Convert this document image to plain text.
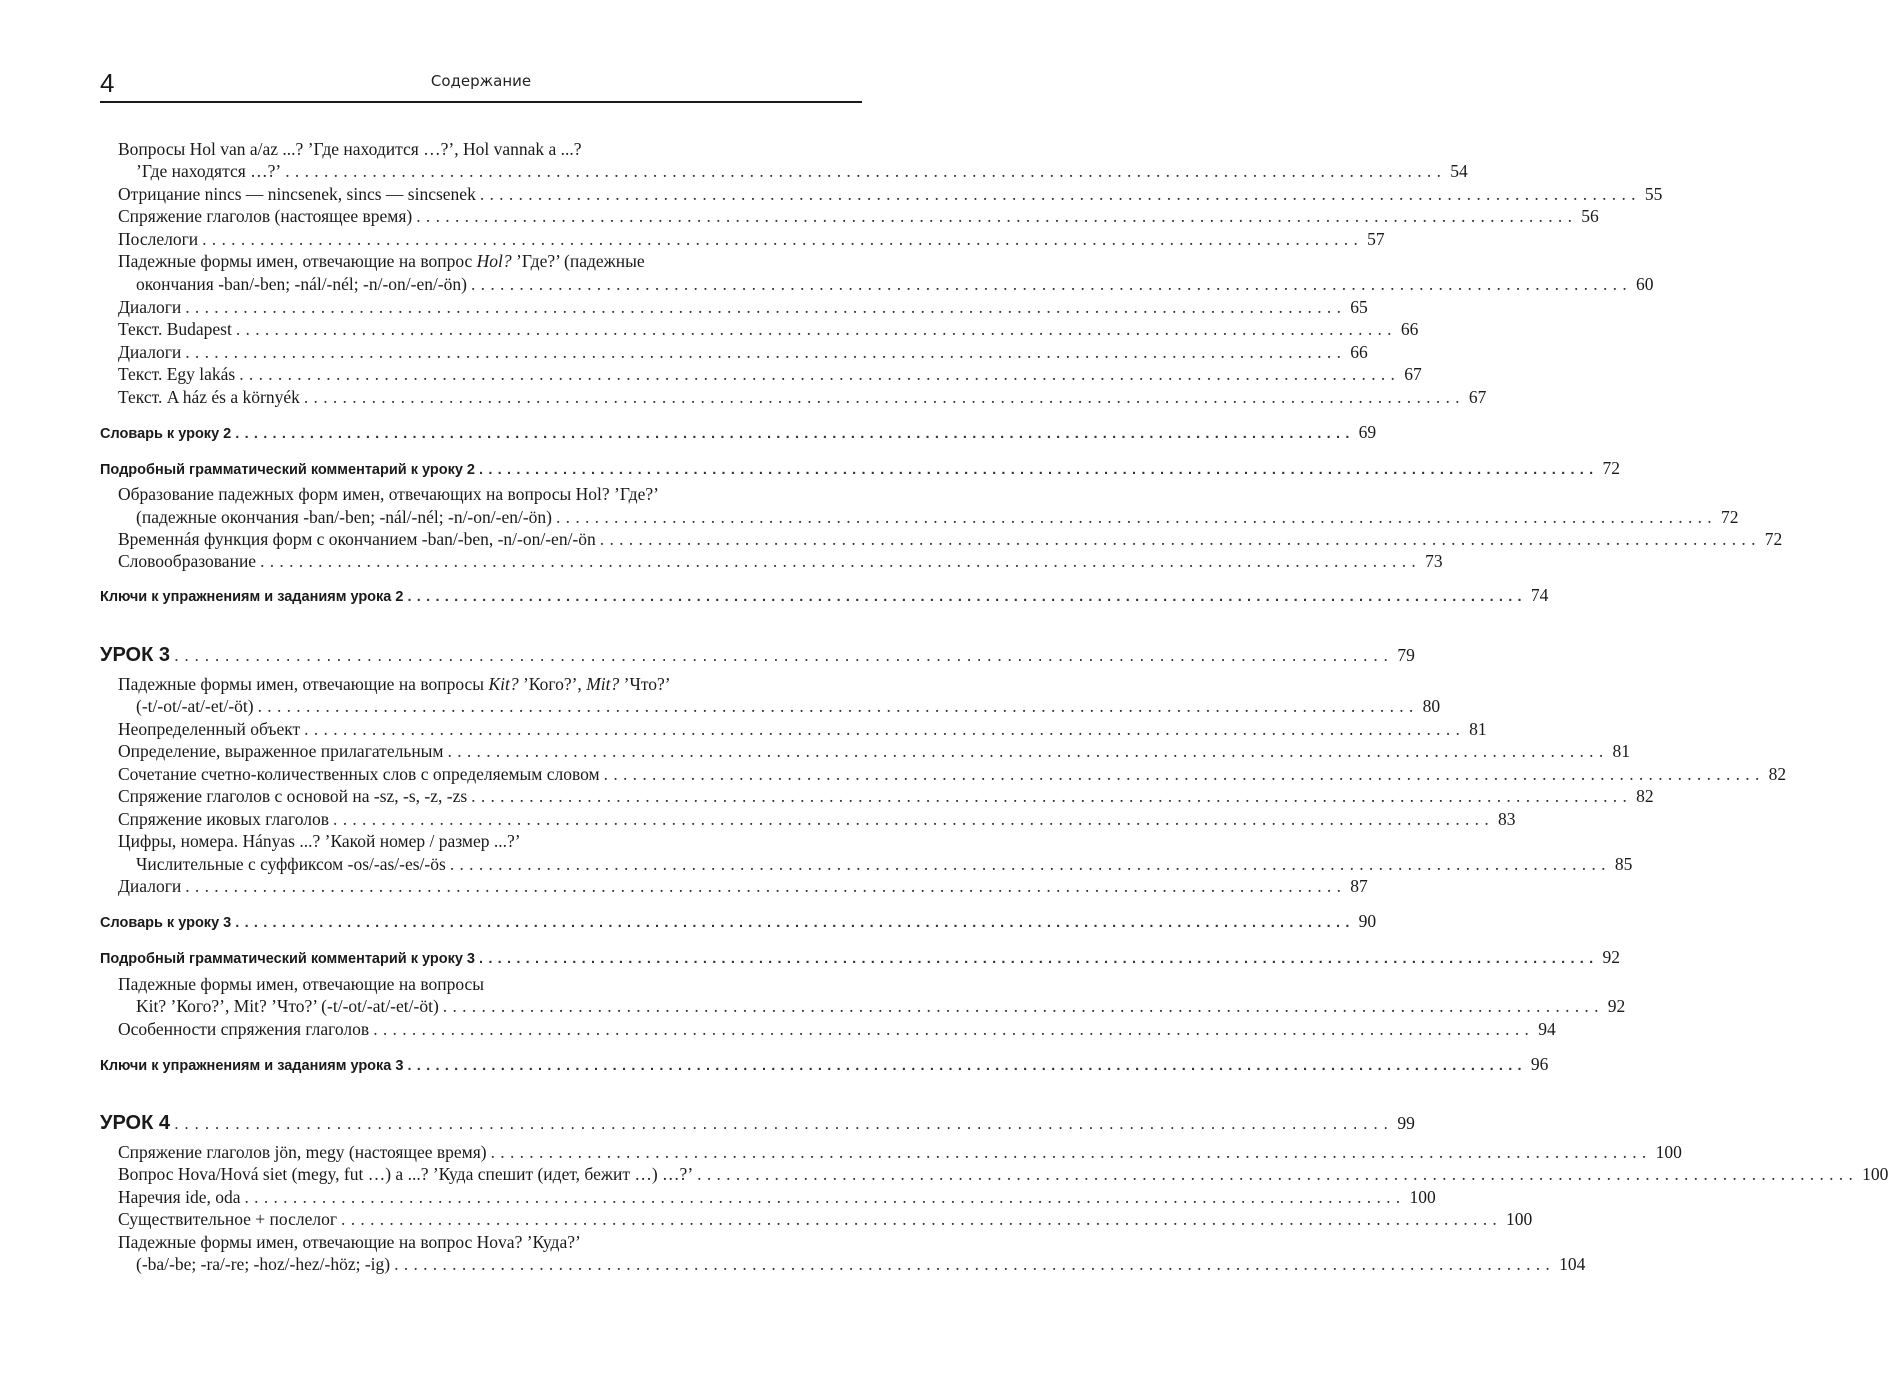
4	Содержание
Вопросы Hol van a/az ...? ’Где находится …?’, Hol vannak a ...?
’Где находятся …?’ ........................................................................................................................ 54
Отрицание nincs — nincsenek, sincs — sincsenek ........................................................................................................................ 55
Спряжение глаголов (настоящее время) ........................................................................................................................ 56
Послелоги ........................................................................................................................ 57
Падежные формы имен, отвечающие на вопрос Hol? ’Где?’ (падежные
окончания -ban/-ben; -nál/-nél; -n/-on/-en/-ön) ........................................................................................................................ 60
Диалоги ........................................................................................................................ 65
Текст. Budapest ........................................................................................................................ 66
Диалоги ........................................................................................................................ 66
Текст. Egy lakás ........................................................................................................................ 67
Текст. A ház és a környék ........................................................................................................................ 67
Словарь к уроку 2 ........................................................................................................................ 69
Подробный грамматический комментарий к уроку 2 ........................................................................................................................ 72
Образование падежных форм имен, отвечающих на вопросы Hol? ’Где?’
(падежные окончания -ban/-ben; -nál/-nél; -n/-on/-en/-ön) ........................................................................................................................ 72
Временнáя функция форм с окончанием -ban/-ben, -n/-on/-en/-ön ........................................................................................................................ 72
Словообразование ........................................................................................................................ 73
Ключи к упражнениям и заданиям урока 2 ........................................................................................................................ 74
УРОК 3 ........................................................................................................................ 79
Падежные формы имен, отвечающие на вопросы Kit? ’Кого?’, Mit? ’Что?’
(-t/-ot/-at/-et/-öt) ........................................................................................................................ 80
Неопределенный объект ........................................................................................................................ 81
Определение, выраженное прилагательным ........................................................................................................................ 81
Сочетание счетно-количественных слов с определяемым словом ........................................................................................................................ 82
Спряжение глаголов с основой на -sz, -s, -z, -zs ........................................................................................................................ 82
Спряжение иковых глаголов ........................................................................................................................ 83
Цифры, номера. Hányas ...? ’Какой номер / размер ...?’
Числительные с суффиксом -os/-as/-es/-ös ........................................................................................................................ 85
Диалоги ........................................................................................................................ 87
Словарь к уроку 3 ........................................................................................................................ 90
Подробный грамматический комментарий к уроку 3 ........................................................................................................................ 92
Падежные формы имен, отвечающие на вопросы
Kit? ’Кого?’, Mit? ’Что?’ (-t/-ot/-at/-et/-öt) ........................................................................................................................ 92
Особенности спряжения глаголов ........................................................................................................................ 94
Ключи к упражнениям и заданиям урока 3 ........................................................................................................................ 96
УРОК 4 ........................................................................................................................ 99
Спряжение глаголов jön, megy (настоящее время) ........................................................................................................................ 100
Вопрос Hova/Hová siet (megy, fut …) a ...? ’Куда спешит (идет, бежит …) …?’ ........................................................................................................................ 100
Наречия ide, oda ........................................................................................................................ 100
Существительное + послелог ........................................................................................................................ 100
Падежные формы имен, отвечающие на вопрос Hova? ’Куда?’
(-ba/-be; -ra/-re; -hoz/-hez/-höz; -ig) ........................................................................................................................ 104
